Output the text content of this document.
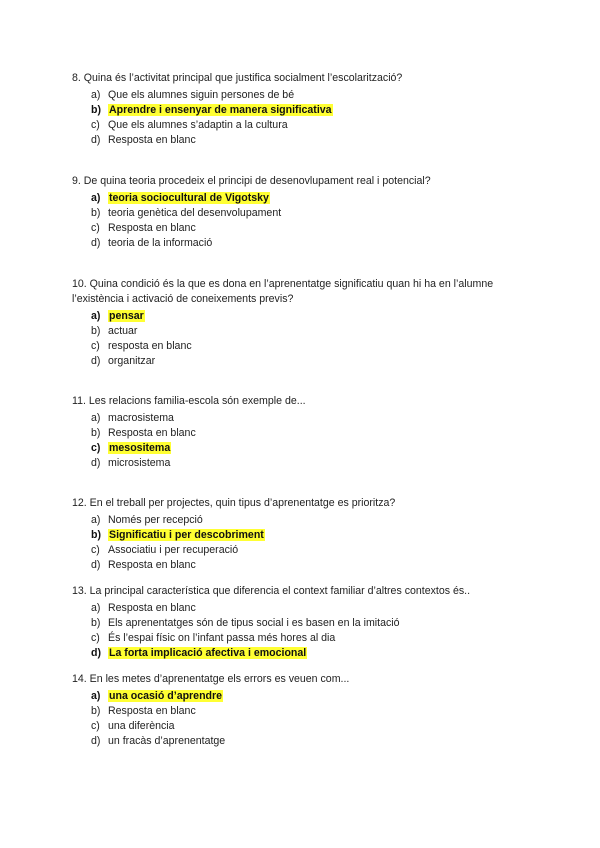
8. Quina és l’activitat principal que justifica socialment l’escolarització?

a) Que els alumnes siguin persones de bé
b) Aprendre i ensenyar de manera significativa
c) Que els alumnes s’adaptin a la cultura
d) Resposta en blanc

9. De quina teoria procedeix el principi de desenovlupament real i potencial?

a) teoria sociocultural de Vigotsky
b) teoria genètica del desenvolupament
c) Resposta en blanc
d) teoria de la informació

10. Quina condició és la que es dona en l’aprenentatge significatiu quan hi ha en l’alumne l’existència i activació de coneixements previs?

a) pensar
b) actuar
c) resposta en blanc
d) organitzar

11. Les relacions familia-escola són exemple de...

a) macrosistema
b) Resposta en blanc
c) mesositema
d) microsistema

12. En el treball per projectes, quin tipus d’aprenentatge es prioritza?

a) Només per recepció
b) Significatiu i per descobriment
c) Associatiu i per recuperació
d) Resposta en blanc

13. La principal característica que diferencia el context familiar d’altres contextos és..

a) Resposta en blanc
b) Els aprenentatges són de tipus social i es basen en la imitació
c) És l’espai físic on l’infant passa més hores al dia
d) La forta implicació afectiva i emocional

14. En les metes d’aprenentatge els errors es veuen com...

a) una ocasió d’aprendre
b) Resposta en blanc
c) una diferència
d) un fracàs d’aprenentatge
